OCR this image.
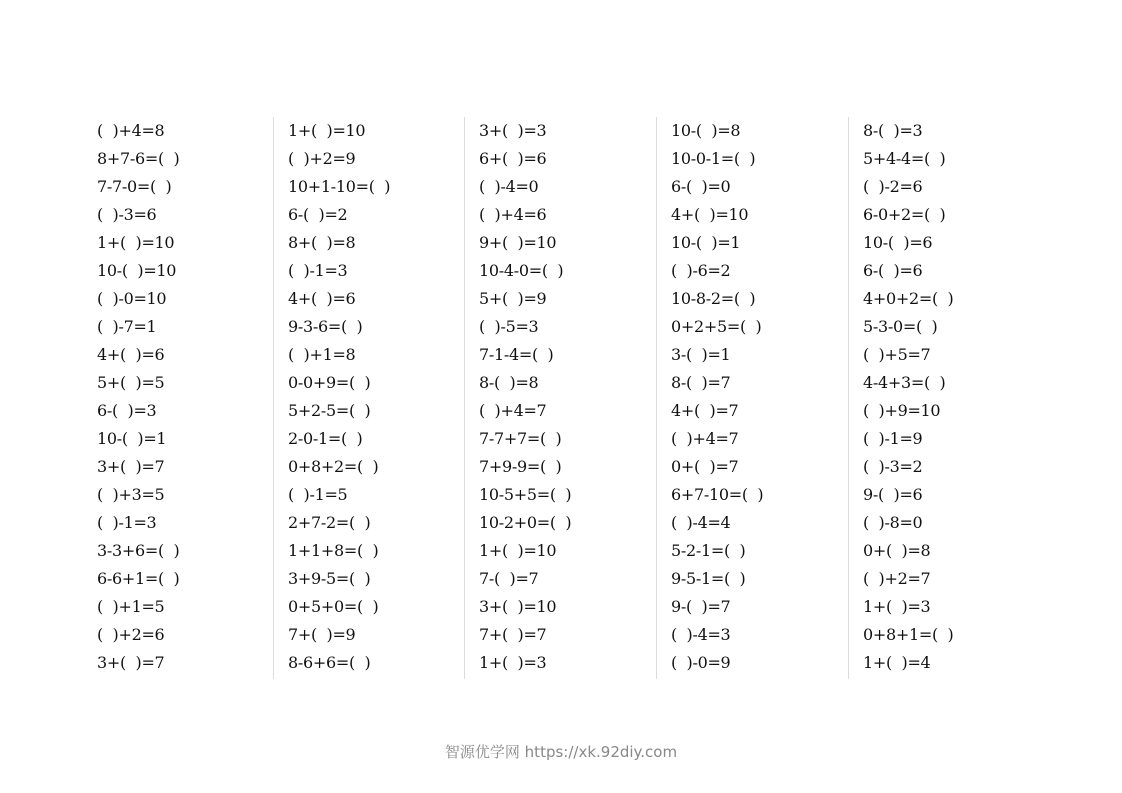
(  )+4=8
8+7-6=(  )
7-7-0=(  )
(  )-3=6
1+(  )=10
10-(  )=10
(  )-0=10
(  )-7=1
4+(  )=6
5+(  )=5
6-(  )=3
10-(  )=1
3+(  )=7
(  )+3=5
(  )-1=3
3-3+6=(  )
6-6+1=(  )
(  )+1=5
(  )+2=6
3+(  )=7
1+(  )=10
(  )+2=9
10+1-10=(  )
6-(  )=2
8+(  )=8
(  )-1=3
4+(  )=6
9-3-6=(  )
(  )+1=8
0-0+9=(  )
5+2-5=(  )
2-0-1=(  )
0+8+2=(  )
(  )-1=5
2+7-2=(  )
1+1+8=(  )
3+9-5=(  )
0+5+0=(  )
7+(  )=9
8-6+6=(  )
3+(  )=3
6+(  )=6
(  )-4=0
(  )+4=6
9+(  )=10
10-4-0=(  )
5+(  )=9
(  )-5=3
7-1-4=(  )
8-(  )=8
(  )+4=7
7-7+7=(  )
7+9-9=(  )
10-5+5=(  )
10-2+0=(  )
1+(  )=10
7-(  )=7
3+(  )=10
7+(  )=7
1+(  )=3
10-(  )=8
10-0-1=(  )
6-(  )=0
4+(  )=10
10-(  )=1
(  )-6=2
10-8-2=(  )
0+2+5=(  )
3-(  )=1
8-(  )=7
4+(  )=7
(  )+4=7
0+(  )=7
6+7-10=(  )
(  )-4=4
5-2-1=(  )
9-5-1=(  )
9-(  )=7
(  )-4=3
(  )-0=9
8-(  )=3
5+4-4=(  )
(  )-2=6
6-0+2=(  )
10-(  )=6
6-(  )=6
4+0+2=(  )
5-3-0=(  )
(  )+5=7
4-4+3=(  )
(  )+9=10
(  )-1=9
(  )-3=2
9-(  )=6
(  )-8=0
0+(  )=8
(  )+2=7
1+(  )=3
0+8+1=(  )
1+(  )=4
智源优学网 https://xk.92diy.com
